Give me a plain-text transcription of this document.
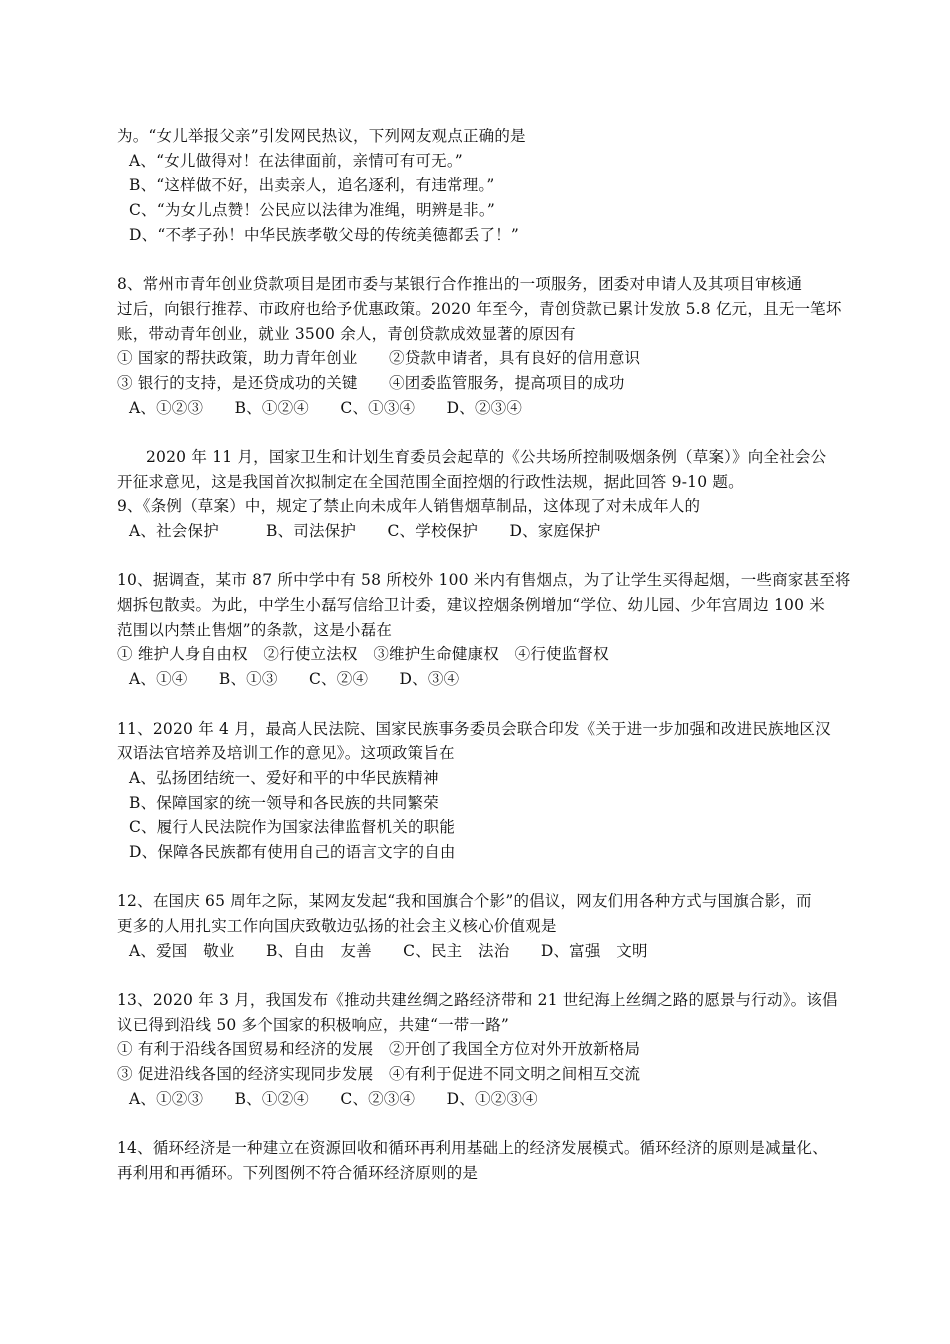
为。“女儿举报父亲”引发网民热议，下列网友观点正确的是
A、“女儿做得对！在法律面前，亲情可有可无。”
B、“这样做不好，出卖亲人，追名逐利，有违常理。”
C、“为女儿点赞！公民应以法律为准绳，明辨是非。”
D、“不孝子孙！中华民族孝敬父母的传统美德都丢了！”
8、常州市青年创业贷款项目是团市委与某银行合作推出的一项服务，团委对申请人及其项目审核通
过后，向银行推荐、市政府也给予优惠政策。2020 年至今，青创贷款已累计发放 5.8 亿元，且无一笔坏
账，带动青年创业，就业 3500 余人，青创贷款成效显著的原因有
① 国家的帮扶政策，助力青年创业　　②贷款申请者，具有良好的信用意识
③ 银行的支持，是还贷成功的关键　　④团委监管服务，提高项目的成功
A、①②③　　B、①②④　　C、①③④　　D、②③④
2020 年 11 月，国家卫生和计划生育委员会起草的《公共场所控制吸烟条例（草案）》向全社会公
开征求意见，这是我国首次拟制定在全国范围全面控烟的行政性法规，据此回答 9-10 题。
9、《条例（草案）中，规定了禁止向未成年人销售烟草制品，这体现了对未成年人的
A、社会保护　　　B、司法保护　　C、学校保护　　D、家庭保护
10、据调查，某市 87 所中学中有 58 所校外 100 米内有售烟点，为了让学生买得起烟，一些商家甚至将
烟拆包散卖。为此，中学生小磊写信给卫计委，建议控烟条例增加“学位、幼儿园、少年宫周边 100 米
范围以内禁止售烟”的条款，这是小磊在
① 维护人身自由权　②行使立法权　③维护生命健康权　④行使监督权
A、①④　　B、①③　　C、②④　　D、③④
11、2020 年 4 月，最高人民法院、国家民族事务委员会联合印发《关于进一步加强和改进民族地区汉
双语法官培养及培训工作的意见》。这项政策旨在
A、弘扬团结统一、爱好和平的中华民族精神
B、保障国家的统一领导和各民族的共同繁荣
C、履行人民法院作为国家法律监督机关的职能
D、保障各民族都有使用自己的语言文字的自由
12、在国庆 65 周年之际，某网友发起“我和国旗合个影”的倡议，网友们用各种方式与国旗合影，而
更多的人用扎实工作向国庆致敬边弘扬的社会主义核心价值观是
A、爱国　敬业　　B、自由　友善　　C、民主　法治　　D、富强　文明
13、2020 年 3 月，我国发布《推动共建丝绸之路经济带和 21 世纪海上丝绸之路的愿景与行动》。该倡
议已得到沿线 50 多个国家的积极响应，共建“一带一路”
① 有利于沿线各国贸易和经济的发展　②开创了我国全方位对外开放新格局
③ 促进沿线各国的经济实现同步发展　④有利于促进不同文明之间相互交流
A、①②③　　B、①②④　　C、②③④　　D、①②③④
14、循环经济是一种建立在资源回收和循环再利用基础上的经济发展模式。循环经济的原则是减量化、
再利用和再循环。下列图例不符合循环经济原则的是
